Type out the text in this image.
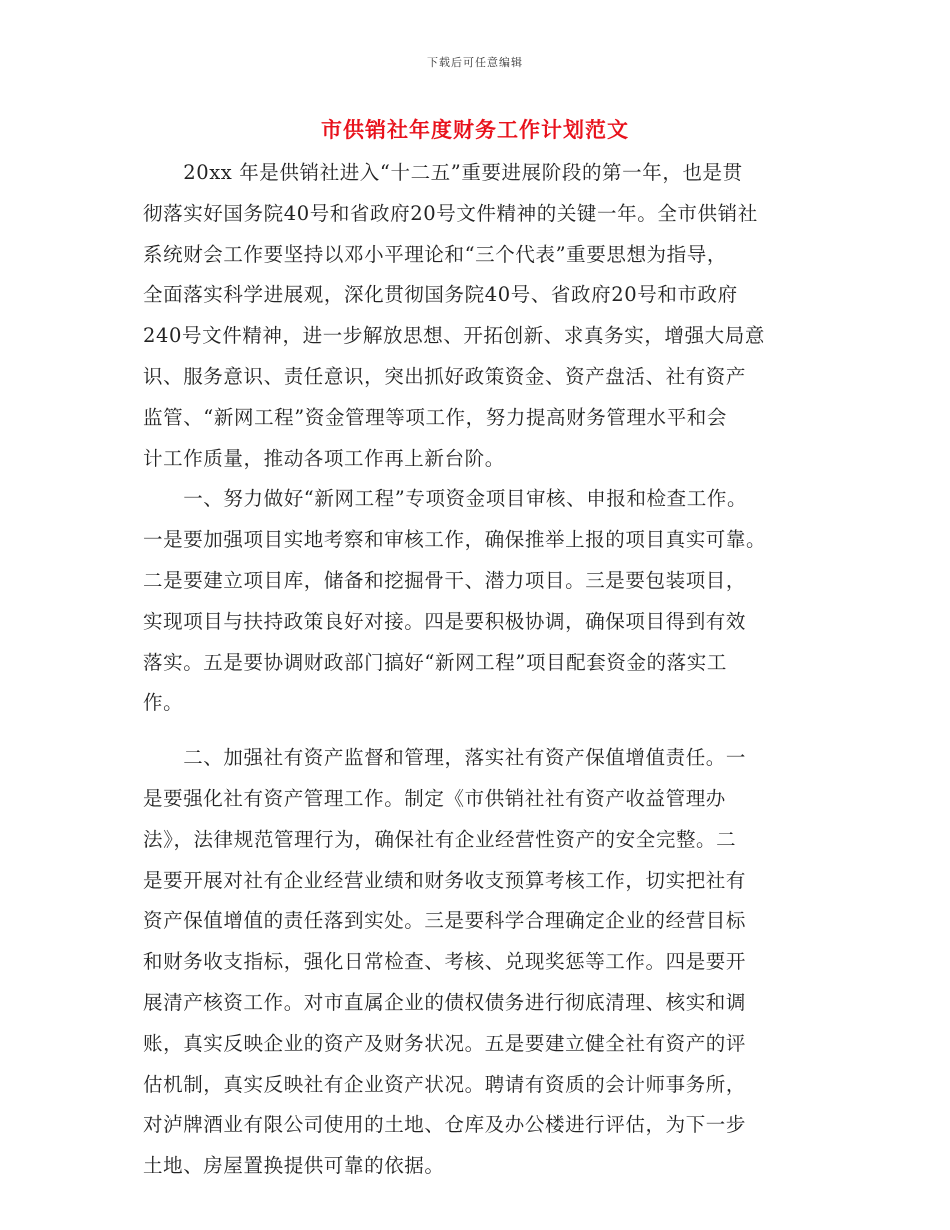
下载后可任意编辑
市供销社年度财务工作计划范文
　　20xx 年是供销社进入“十二五”重要进展阶段的第一年，也是贯
彻落实好国务院40号和省政府20号文件精神的关键一年。全市供销社
系统财会工作要坚持以邓小平理论和“三个代表”重要思想为指导，
全面落实科学进展观，深化贯彻国务院40号、省政府20号和市政府
240号文件精神，进一步解放思想、开拓创新、求真务实，增强大局意
识、服务意识、责任意识，突出抓好政策资金、资产盘活、社有资产
监管、“新网工程”资金管理等项工作，努力提高财务管理水平和会
计工作质量，推动各项工作再上新台阶。
　　一、努力做好“新网工程”专项资金项目审核、申报和检查工作。
一是要加强项目实地考察和审核工作，确保推举上报的项目真实可靠。
二是要建立项目库，储备和挖掘骨干、潜力项目。三是要包装项目，
实现项目与扶持政策良好对接。四是要积极协调，确保项目得到有效
落实。五是要协调财政部门搞好“新网工程”项目配套资金的落实工
作。
　　二、加强社有资产监督和管理，落实社有资产保值增值责任。一
是要强化社有资产管理工作。制定《市供销社社有资产收益管理办
法》，法律规范管理行为，确保社有企业经营性资产的安全完整。二
是要开展对社有企业经营业绩和财务收支预算考核工作，切实把社有
资产保值增值的责任落到实处。三是要科学合理确定企业的经营目标
和财务收支指标，强化日常检查、考核、兑现奖惩等工作。四是要开
展清产核资工作。对市直属企业的债权债务进行彻底清理、核实和调
账，真实反映企业的资产及财务状况。五是要建立健全社有资产的评
估机制，真实反映社有企业资产状况。聘请有资质的会计师事务所，
对泸牌酒业有限公司使用的土地、仓库及办公楼进行评估，为下一步
土地、房屋置换提供可靠的依据。
